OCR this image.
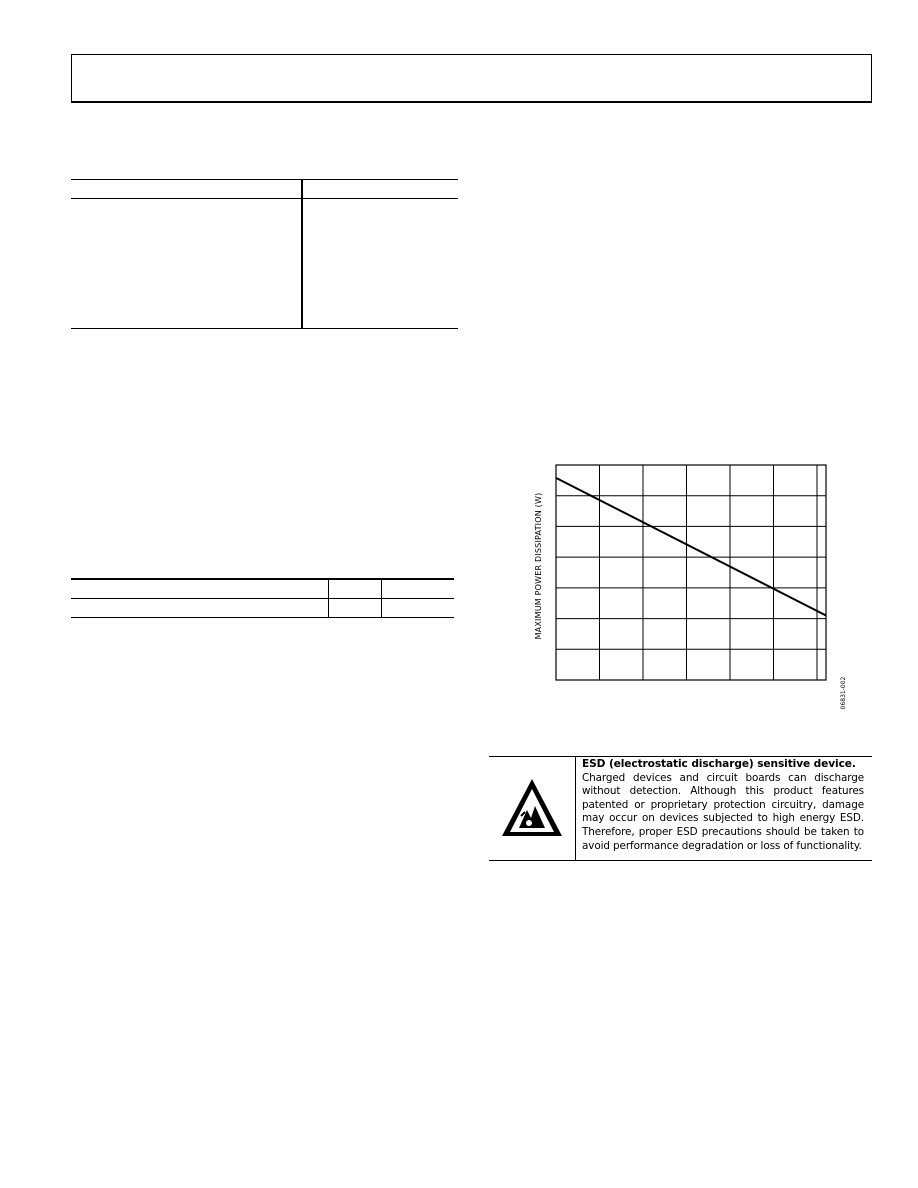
MAXIMUM POWER DISSIPATION (W)
06831-002
ESD (electrostatic discharge) sensitive device.
Charged devices and circuit boards can discharge without detection. Although this product features patented or proprietary protection circuitry, damage may occur on devices subjected to high energy ESD. Therefore, proper ESD precautions should be taken to avoid performance degradation or loss of functionality.
